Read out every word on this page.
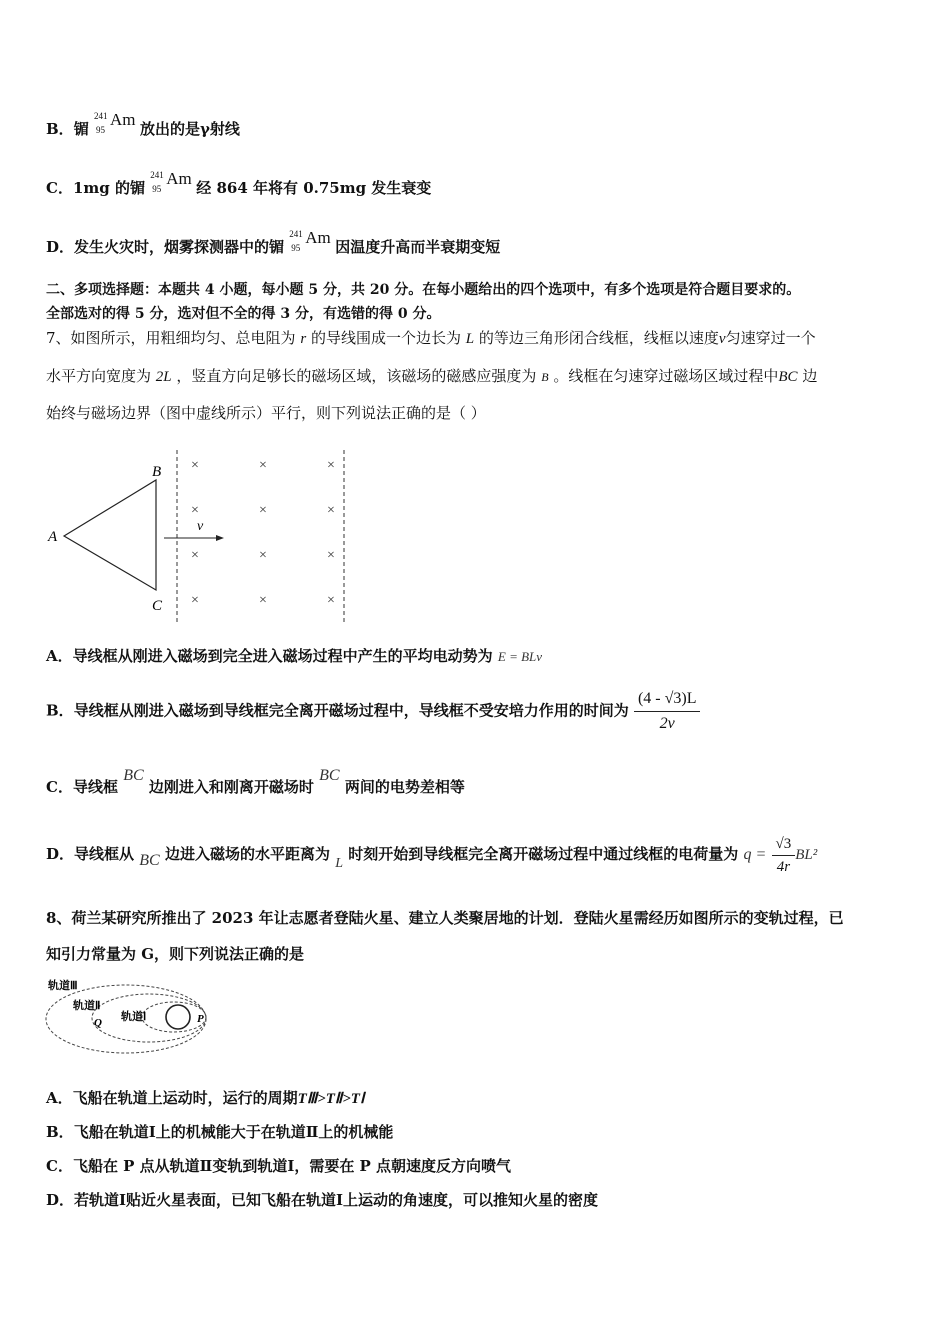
B．镅
241
95
Am 放出的是γ射线
C．1mg 的镅
241
95
Am 经 864 年将有 0.75mg 发生衰变
D．发生火灾时，烟雾探测器中的镅
241
95
Am 因温度升高而半衰期变短
二、多项选择题：本题共 4 小题，每小题 5 分，共 20 分。在每小题给出的四个选项中，有多个选项是符合题目要求的。
全部选对的得 5 分，选对但不全的得 3 分，有选错的得 0 分。
7、如图所示，用粗细均匀、总电阻为 r 的导线围成一个边长为 L 的等边三角形闭合线框，线框以速度v匀速穿过一个
水平方向宽度为 2L ，竖直方向足够长的磁场区域，该磁场的磁感应强度为 B 。线框在匀速穿过磁场区域过程中BC 边
始终与磁场边界（图中虚线所示）平行，则下列说法正确的是（ ）
A
B
C
v
×	×	×
×	×	×
×	×	×
×	×	×
A．导线框从刚进入磁场到完全进入磁场过程中产生的平均电动势为 E = BLv
B．导线框从刚进入磁场到导线框完全离开磁场过程中，导线框不受安培力作用的时间为 $\frac{(4 - √3)L}{2v}$
C．导线框 BC 边刚进入和刚离开磁场时 BC 两间的电势差相等
D．导线框从 BC 边进入磁场的水平距离为 L 时刻开始到导线框完全离开磁场过程中通过线框的电荷量为 $q = \frac{√3}{4r} BL^2$
8、荷兰某研究所推出了 2023 年让志愿者登陆火星、建立人类聚居地的计划．登陆火星需经历如图所示的变轨过程，已
知引力常量为 G，则下列说法正确的是
轨道Ⅲ
轨道Ⅱ
轨道Ⅰ
Q	P
A．飞船在轨道上运动时，运行的周期TⅢ>TⅡ>TⅠ
B．飞船在轨道Ⅰ上的机械能大于在轨道Ⅱ上的机械能
C．飞船在 P 点从轨道Ⅱ变轨到轨道Ⅰ，需要在 P 点朝速度反方向喷气
D．若轨道Ⅰ贴近火星表面，已知飞船在轨道Ⅰ上运动的角速度，可以推知火星的密度
